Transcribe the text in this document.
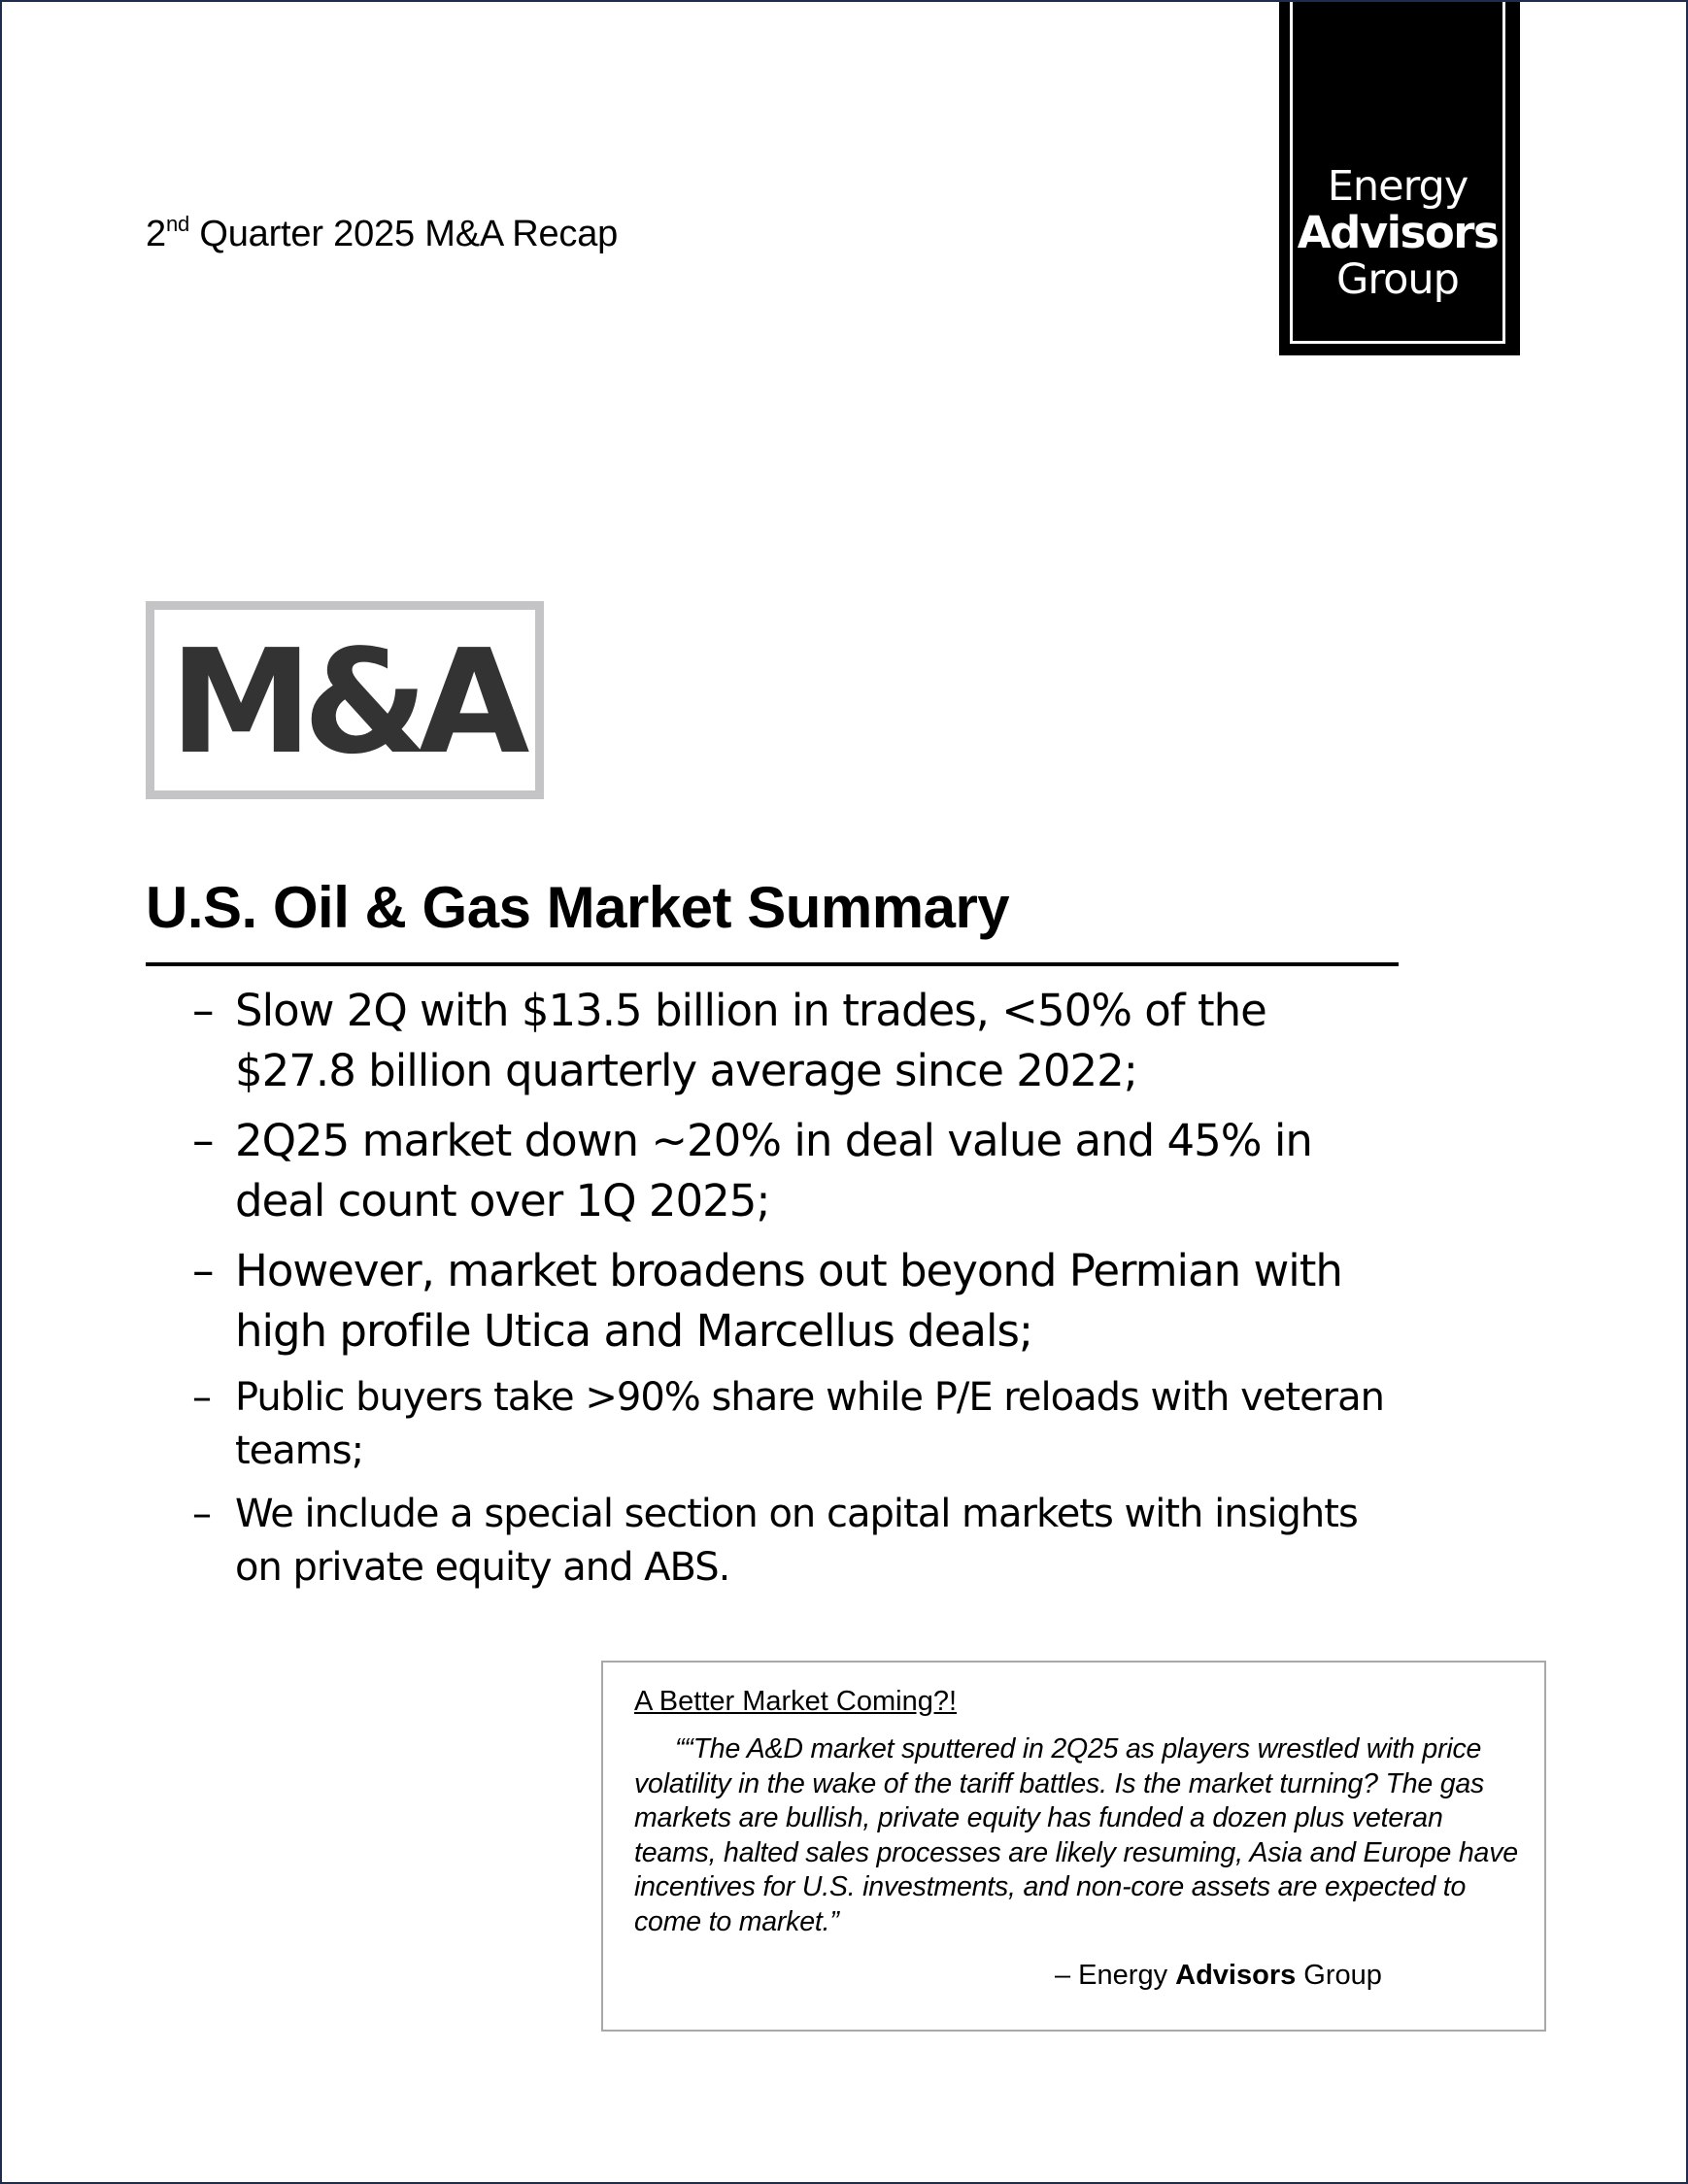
2nd Quarter 2025 M&A Recap
Energy
Advisors
Group
M&A
U.S. Oil & Gas Market Summary
– Slow 2Q with $13.5 billion in trades, <50% of the $27.8 billion quarterly average since 2022;
– 2Q25 market down ~20% in deal value and 45% in deal count over 1Q 2025;
– However, market broadens out beyond Permian with high profile Utica and Marcellus deals;
– Public buyers take >90% share while P/E reloads with veteran teams;
– We include a special section on capital markets with insights on private equity and ABS.
A Better Market Coming?!
““The A&D market sputtered in 2Q25 as players wrestled with price volatility in the wake of the tariff battles. Is the market turning? The gas markets are bullish, private equity has funded a dozen plus veteran teams, halted sales processes are likely resuming, Asia and Europe have incentives for U.S. investments, and non-core assets are expected to come to market.”
– Energy Advisors Group
